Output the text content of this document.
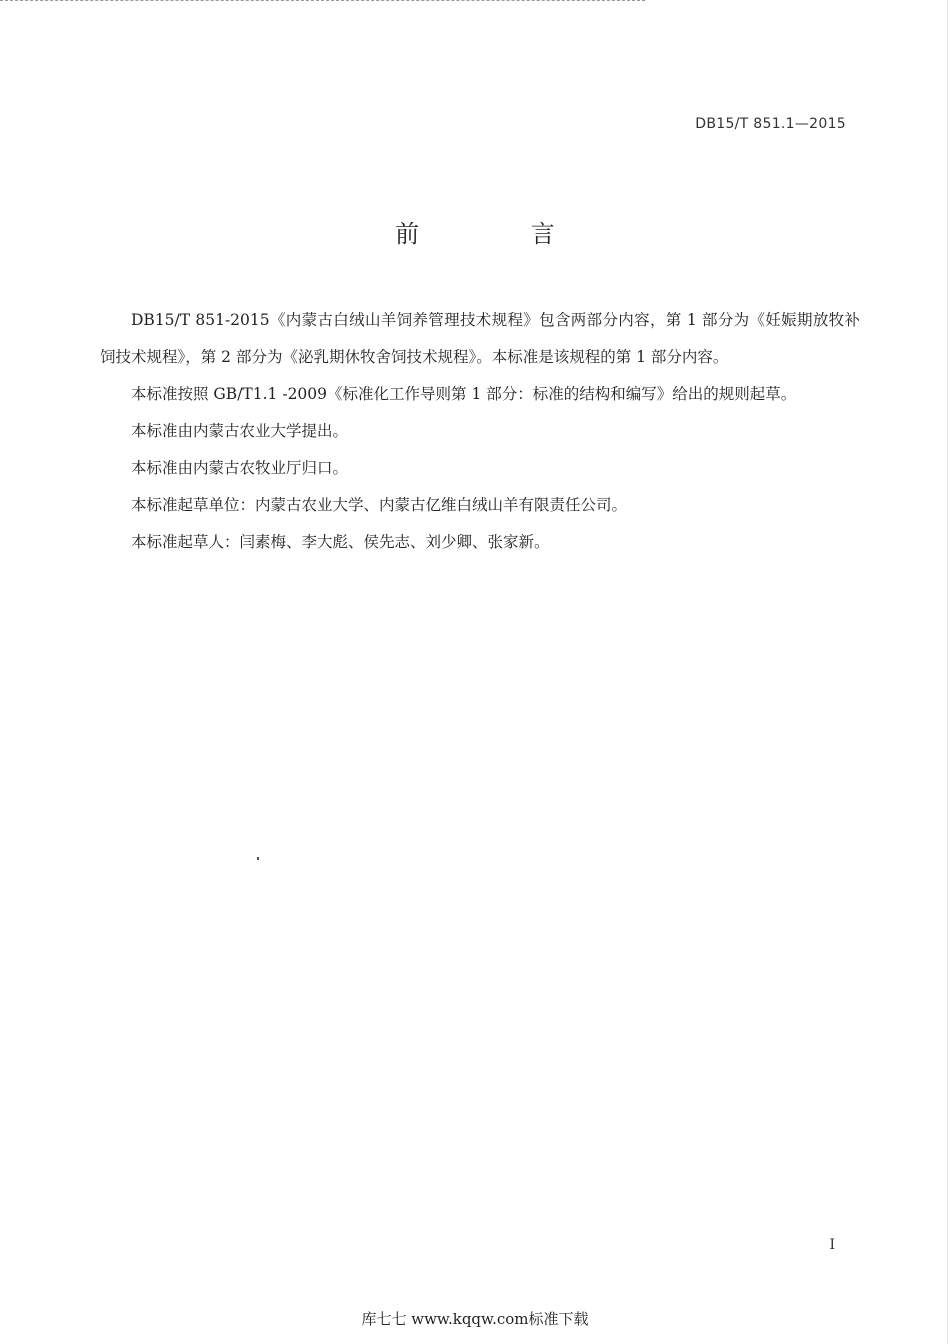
DB15/T 851.1—2015
前 言

DB15/T 851-2015《内蒙古白绒山羊饲养管理技术规程》包含两部分内容，第 1 部分为《妊娠期放牧补饲技术规程》，第 2 部分为《泌乳期休牧舍饲技术规程》。本标准是该规程的第 1 部分内容。

本标准按照 GB/T1.1 -2009《标准化工作导则第 1 部分：标准的结构和编写》给出的规则起草。

本标准由内蒙古农业大学提出。

本标准由内蒙古农牧业厅归口。

本标准起草单位：内蒙古农业大学、内蒙古亿维白绒山羊有限责任公司。

本标准起草人：闫素梅、李大彪、侯先志、刘少卿、张家新。

I
库七七 www.kqqw.com标准下载
